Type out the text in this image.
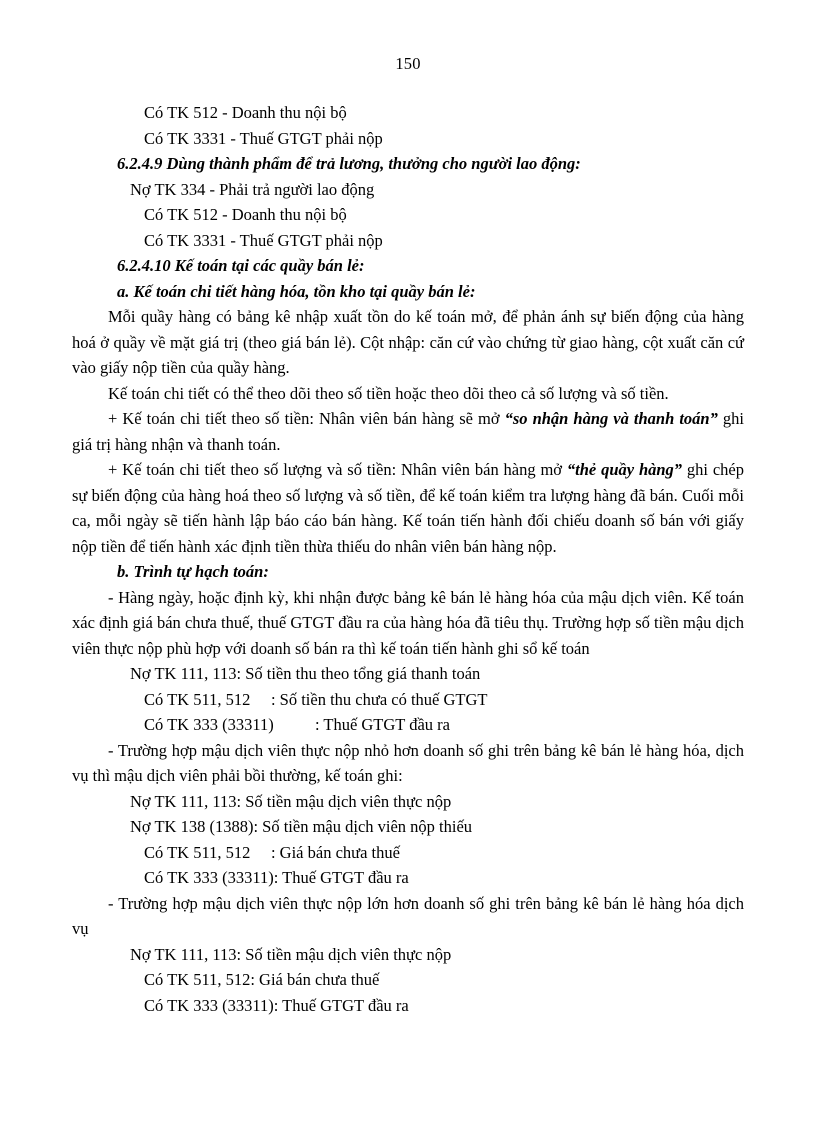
150

Có TK 512 - Doanh thu nội bộ

Có TK 3331 - Thuế GTGT phải nộp

6.2.4.9 Dùng thành phẩm để trả lương, thưởng cho người lao động:

Nợ TK 334 - Phải trả người lao động

Có TK 512 - Doanh thu nội bộ

Có TK 3331 - Thuế GTGT phải nộp

6.2.4.10 Kế toán tại các quầy bán lẻ:

a. Kế toán chi tiết hàng hóa, tồn kho tại quầy bán lẻ:

Mỗi quầy hàng có bảng kê nhập xuất tồn do kế toán mở, để phản ánh sự biến động của hàng hoá ở quầy về mặt giá trị (theo giá bán lẻ). Cột nhập: căn cứ vào chứng từ giao hàng, cột xuất căn cứ vào giấy nộp tiền của quầy hàng.

Kế toán chi tiết có thể theo dõi theo số tiền hoặc theo dõi theo cả số lượng và số tiền.

+ Kế toán chi tiết theo số tiền: Nhân viên bán hàng sẽ mở “so nhận hàng và thanh toán” ghi giá trị hàng nhận và thanh toán.

+ Kế toán chi tiết theo số lượng và số tiền: Nhân viên bán hàng mở “thẻ quầy hàng” ghi chép sự biến động của hàng hoá theo số lượng và số tiền, để kế toán kiểm tra lượng hàng đã bán. Cuối mỗi ca, mỗi ngày sẽ tiến hành lập báo cáo bán hàng. Kế toán tiến hành đối chiếu doanh số bán với giấy nộp tiền để tiến hành xác định tiền thừa thiếu do nhân viên bán hàng nộp.

b. Trình tự hạch toán:

- Hàng ngày, hoặc định kỳ, khi nhận được bảng kê bán lẻ hàng hóa của mậu dịch viên. Kế toán xác định giá bán chưa thuế, thuế GTGT đầu ra của hàng hóa đã tiêu thụ. Trường hợp số tiền mậu dịch viên thực nộp phù hợp với doanh số bán ra thì kế toán tiến hành ghi sổ kế toán

Nợ TK 111, 113: Số tiền thu theo tổng giá thanh toán

Có TK 511, 512     : Số tiền thu chưa có thuế GTGT

Có TK 333 (33311)          : Thuế GTGT đầu ra

- Trường hợp mậu dịch viên thực nộp nhỏ hơn doanh số ghi trên bảng kê bán lẻ hàng hóa, dịch vụ thì mậu dịch viên phải bồi thường, kế toán ghi:

Nợ TK 111, 113: Số tiền mậu dịch viên thực nộp

Nợ TK 138 (1388): Số tiền mậu dịch viên nộp thiếu

Có TK 511, 512     : Giá bán chưa thuế

Có TK 333 (33311): Thuế GTGT đầu ra

- Trường hợp mậu dịch viên thực nộp lớn hơn doanh số ghi trên bảng kê bán lẻ hàng hóa dịch vụ

Nợ TK 111, 113: Số tiền mậu dịch viên thực nộp

Có TK 511, 512: Giá bán chưa thuế

Có TK 333 (33311): Thuế GTGT đầu ra
